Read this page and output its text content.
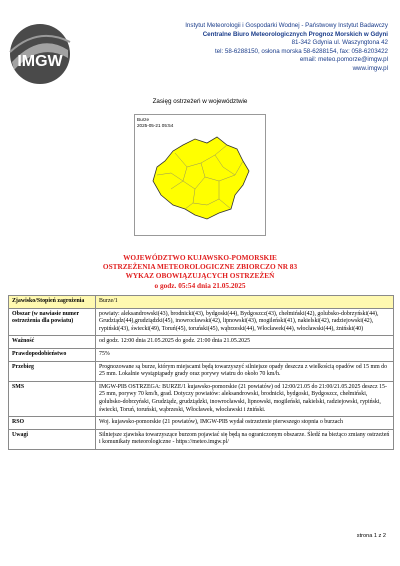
IMGW
Instytut Meteorologii i Gospodarki Wodnej - Państwowy Instytut Badawczy
Centralne Biuro Meteorologicznych Prognoz Morskich w Gdyni
81-342 Gdynia ul. Waszyngtona 42
tel: 58-6288150, osłona morska 58-6288154, fax: 058-6203422
email: meteo.pomorze@imgw.pl
www.imgw.pl
Zasięg ostrzeżeń w województwie
Burze
2025-05-21 05:54
WOJEWÓDZTWO KUJAWSKO-POMORSKIE
OSTRZEŻENIA METEOROLOGICZNE ZBIORCZO NR 83
WYKAZ OBOWIĄZUJĄCYCH OSTRZEŻEŃ
o godz. 05:54 dnia 21.05.2025
Zjawisko/Stopień zagrożenia	Burze/1
Obszar (w nawiasie numer ostrzeżenia dla powiatu)	powiaty: aleksandrowski(43), brodnicki(43), bydgoski(44), Bydgoszcz(43), chełmiński(42), golubsko-dobrzyński(44), Grudziądz(44),grudziądzki(45), inowrocławski(42), lipnowski(43), mogileński(41), nakielski(42), radziejowski(42), rypiński(43), świecki(49), Toruń(45), toruński(45), wąbrzeski(44), Włocławek(44), włocławski(44), żniński(40)
Ważność	od godz. 12:00 dnia 21.05.2025 do godz. 21:00 dnia 21.05.2025
Prawdopodobieństwo	75%
Przebieg	Prognozowane są burze, którym miejscami będą towarzyszyć silniejsze opady deszczu z wielkością opadów od 15 mm do 25 mm. Lokalnie wystąpiąpady grady oraz porywy wiatru do około 70 km/h.
SMS	IMGW-PIB OSTRZEGA: BURZE/1 kujawsko-pomorskie (21 powiatów) od 12:00/21.05 do 21:00/21.05.2025 deszcz 15-25 mm, porywy 70 km/h, grad. Dotyczy powiatów: aleksandrowski, brodnicki, bydgoski, Bydgoszcz, chełmiński, golubsko-dobrzyński, Grudziądz, grudziądzki, inowrocławski, lipnowski, mogileński, nakielski, radziejowski, rypiński, świecki, Toruń, toruński, wąbrzeski, Włocławek, włocławski i żniński.
RSO	Woj. kujawsko-pomorskie (21 powiatów), IMGW-PIB wydał ostrzeżenie pierwszego stopnia o burzach
Uwagi	Silniejsze zjawiska towarzyszące burzom pojawiać się będą na ograniczonym obszarze. Śledź na bieżąco zmiany ostrzeżeń i komunikaty meteorologiczne - https://meteo.imgw.pl/
strona 1 z 2
